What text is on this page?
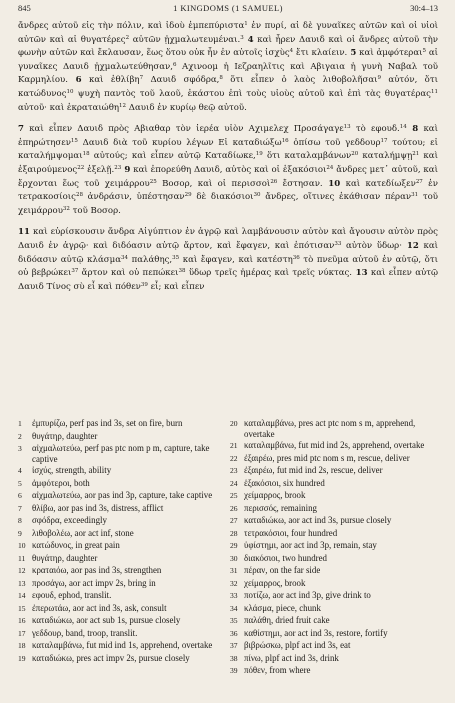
845	1 KINGDOMS (1 SAMUEL)	30:4–13

ἄνδρες αὐτοῦ εἰς τὴν πόλιν, καὶ ἰδοὺ ἐμπεπύριστα$^1$ ἐν πυρί, αἱ δὲ γυναῖκες αὐτῶν καὶ οἱ υἱοὶ αὐτῶν καὶ αἱ θυγατέρες$^2$ αὐτῶν ᾐχμαλωτευμέναι.$^3$ 4 καὶ ἦρεν Δαυιδ καὶ οἱ ἄνδρες αὐτοῦ τὴν φωνὴν αὐτῶν καὶ ἔκλαυσαν, ἕως ὅτου οὐκ ἦν ἐν αὐτοῖς ἰσχὺς$^4$ ἔτι κλαίειν. 5 καὶ ἀμφότεραι$^5$ αἱ γυναῖκες Δαυιδ ᾐχμαλωτεύθησαν,$^6$ Αχινοομ ἡ Ιεζραηλῖτις καὶ Αβιγαια ἡ γυνὴ Ναβαλ τοῦ Καρμηλίου. 6 καὶ ἐθλίβη$^7$ Δαυιδ σφόδρα,$^8$ ὅτι εἶπεν ὁ λαὸς λιθοβολῆσαι$^9$ αὐτόν, ὅτι κατώδυνος$^{10}$ ψυχὴ παντὸς τοῦ λαοῦ, ἑκάστου ἐπὶ τοὺς υἱοὺς αὐτοῦ καὶ ἐπὶ τὰς θυγατέρας$^{11}$ αὐτοῦ· καὶ ἐκραταιώθη$^{12}$ Δαυιδ ἐν κυρίῳ θεῷ αὐτοῦ.

7 καὶ εἶπεν Δαυιδ πρὸς Αβιαθαρ τὸν ἱερέα υἱὸν Αχιμελεχ Προσάγαγε$^{13}$ τὸ εφουδ.$^{14}$ 8 καὶ ἐπηρώτησεν$^{15}$ Δαυιδ διὰ τοῦ κυρίου λέγων Εἰ καταδιώξω$^{16}$ ὀπίσω τοῦ γεδδουρ$^{17}$ τούτου; εἰ καταλήμψομαι$^{18}$ αὐτούς; καὶ εἶπεν αὐτῷ Καταδίωκε,$^{19}$ ὅτι καταλαμβάνων$^{20}$ καταλήμψῃ$^{21}$ καὶ ἐξαιρούμενος$^{22}$ ἐξελῇ.$^{23}$ 9 καὶ ἐπορεύθη Δαυιδ, αὐτὸς καὶ οἱ ἑξακόσιοι$^{24}$ ἄνδρες μετ᾽ αὐτοῦ, καὶ ἔρχονται ἕως τοῦ χειμάρρου$^{25}$ Βοσορ, καὶ οἱ περισσοὶ$^{26}$ ἔστησαν. 10 καὶ κατεδίωξεν$^{27}$ ἐν τετρακοσίοις$^{28}$ ἀνδράσιν, ὑπέστησαν$^{29}$ δὲ διακόσιοι$^{30}$ ἄνδρες, οἵτινες ἐκάθισαν πέραν$^{31}$ τοῦ χειμάρρου$^{32}$ τοῦ Βοσορ.

11 καὶ εὑρίσκουσιν ἄνδρα Αἰγύπτιον ἐν ἀγρῷ καὶ λαμβάνουσιν αὐτὸν καὶ ἄγουσιν αὐτὸν πρὸς Δαυιδ ἐν ἀγρῷ· καὶ διδόασιν αὐτῷ ἄρτον, καὶ ἔφαγεν, καὶ ἐπότισαν$^{33}$ αὐτὸν ὕδωρ· 12 καὶ διδόασιν αὐτῷ κλάσμα$^{34}$ παλάθης,$^{35}$ καὶ ἔφαγεν, καὶ κατέστη$^{36}$ τὸ πνεῦμα αὐτοῦ ἐν αὐτῷ, ὅτι οὐ βεβρώκει$^{37}$ ἄρτον καὶ οὐ πεπώκει$^{38}$ ὕδωρ τρεῖς ἡμέρας καὶ τρεῖς νύκτας. 13 καὶ εἶπεν αὐτῷ Δαυιδ Τίνος σὺ εἶ καὶ πόθεν$^{39}$ εἶ; καὶ εἶπεν

1	ἐμπυρίζω, perf pas ind 3s, set on fire, burn
2	θυγάτηρ, daughter
3	αἰχμαλωτεύω, perf pas ptc nom p m, capture, take captive
4	ἰσχύς, strength, ability
5	ἀμφότεροι, both
6	αἰχμαλωτεύω, aor pas ind 3p, capture, take captive
7	θλίβω, aor pas ind 3s, distress, afflict
8	σφόδρα, exceedingly
9	λιθοβολέω, aor act inf, stone
10 κατώδυνος, in great pain
11 θυγάτηρ, daughter
12 κραταιόω, aor pas ind 3s, strengthen
13 προσάγω, aor act impv 2s, bring in
14 εφουδ, ephod, translit.
15 ἐπερωτάω, aor act ind 3s, ask, consult
16 καταδιώκω, aor act sub 1s, pursue closely
17 γεδδουρ, band, troop, translit.
18 καταλαμβάνω, fut mid ind 1s, apprehend, overtake
19 καταδιώκω, pres act impv 2s, pursue closely
20 καταλαμβάνω, pres act ptc nom s m, apprehend, overtake
21 καταλαμβάνω, fut mid ind 2s, apprehend, overtake
22 ἐξαιρέω, pres mid ptc nom s m, rescue, deliver
23 ἐξαιρέω, fut mid ind 2s, rescue, deliver
24 ἑξακόσιοι, six hundred
25 χείμαρρος, brook
26 περισσός, remaining
27 καταδιώκω, aor act ind 3s, pursue closely
28 τετρακόσιοι, four hundred
29 ὑφίστημι, aor act ind 3p, remain, stay
30 διακόσιοι, two hundred
31 πέραν, on the far side
32 χείμαρρος, brook
33 ποτίζω, aor act ind 3p, give drink to
34 κλάσμα, piece, chunk
35 παλάθη, dried fruit cake
36 καθίστημι, aor act ind 3s, restore, fortify
37 βιβρώσκω, plpf act ind 3s, eat
38 πίνω, plpf act ind 3s, drink
39 πόθεν, from where
